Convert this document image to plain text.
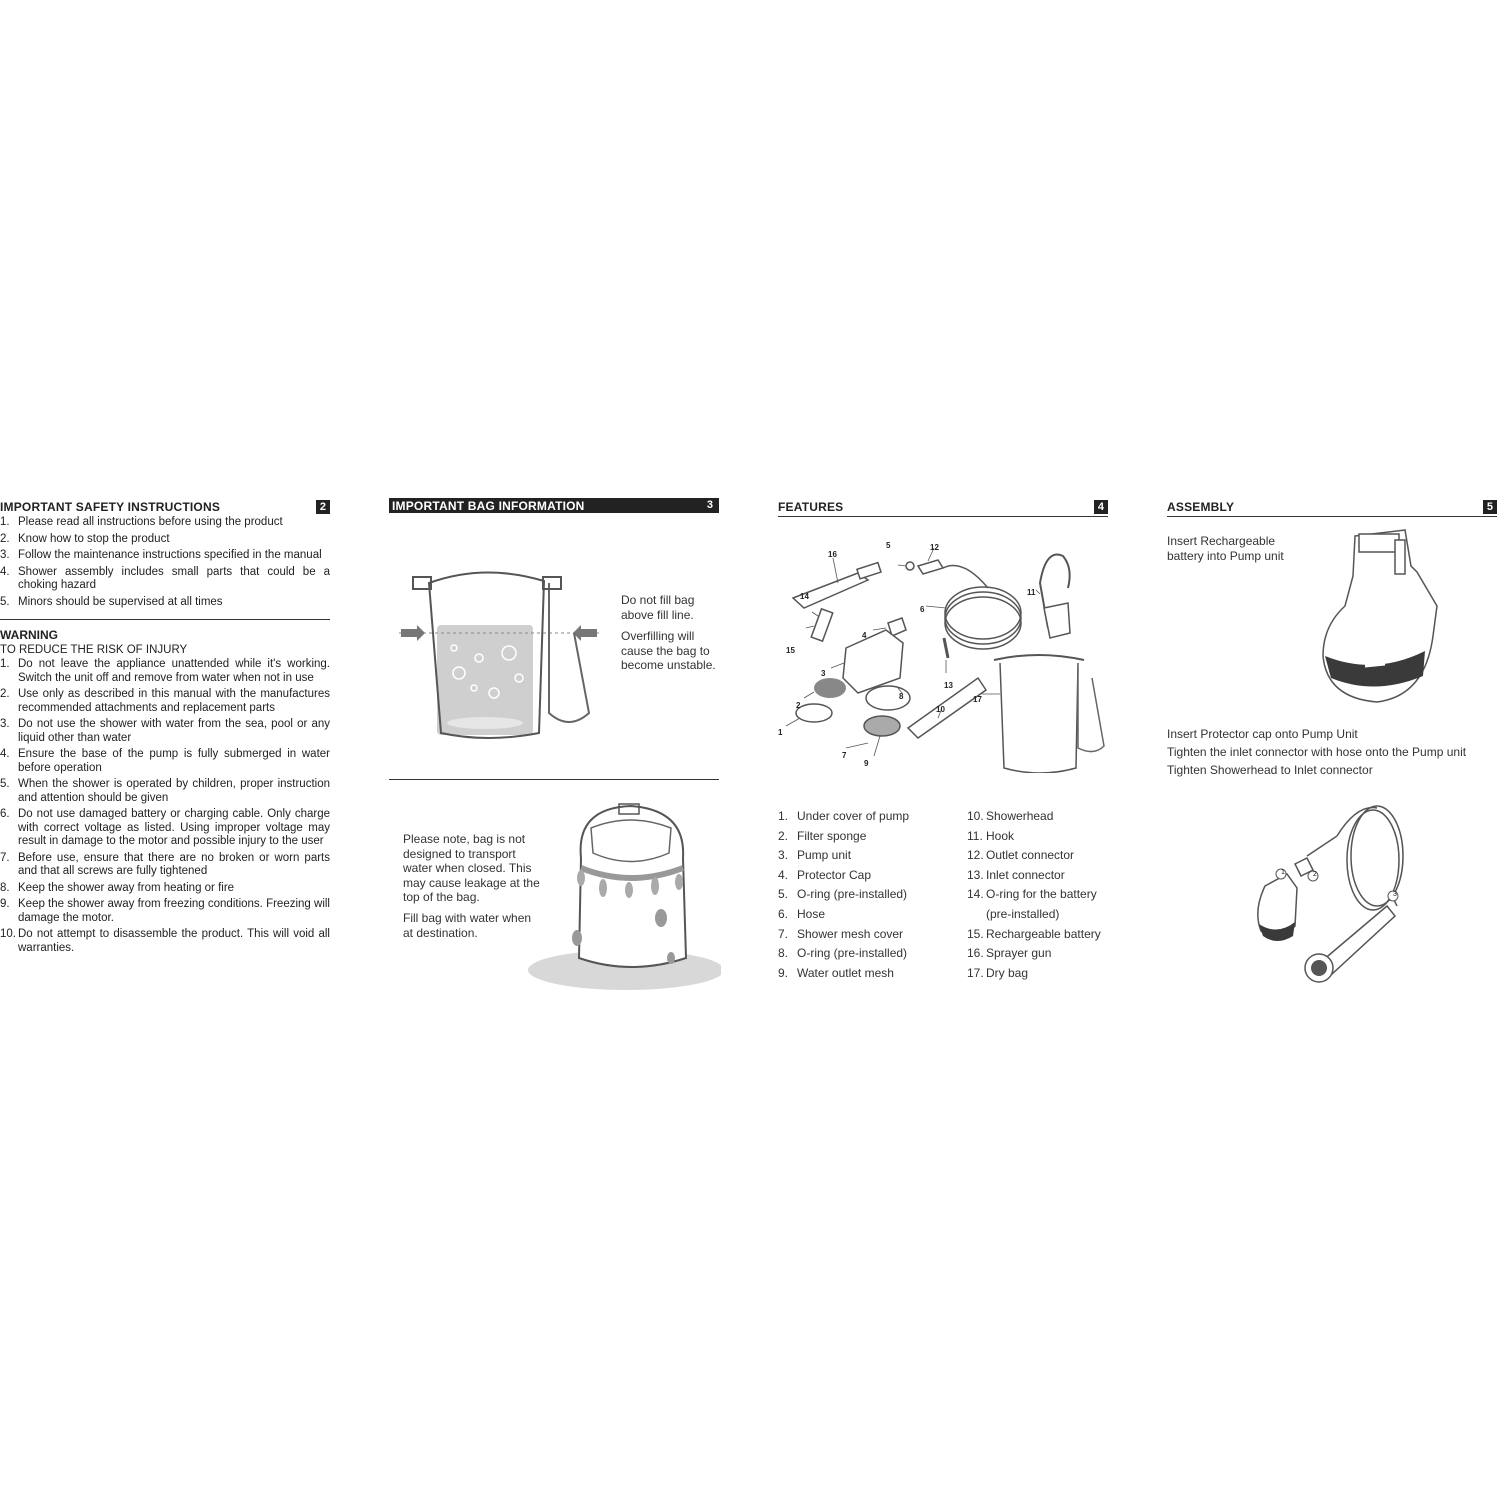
IMPORTANT SAFETY INSTRUCTIONS	2
1. Please read all instructions before using the product
2. Know how to stop the product
3. Follow the maintenance instructions specified in the manual
4. Shower assembly includes small parts that could be a choking hazard
5. Minors should be supervised at all times
WARNING
TO REDUCE THE RISK OF INJURY
1. Do not leave the appliance unattended while it's working. Switch the unit off and remove from water when not in use
2. Use only as described in this manual with the manufactures recommended attachments and replacement parts
3. Do not use the shower with water from the sea, pool or any liquid other than water
4. Ensure the base of the pump is fully submerged in water before operation
5. When the shower is operated by children, proper instruction and attention should be given
6. Do not use damaged battery or charging cable. Only charge with correct voltage as listed. Using improper voltage may result in damage to the motor and possible injury to the user
7. Before use, ensure that there are no broken or worn parts and that all screws are fully tightened
8. Keep the shower away from heating or fire
9. Keep the shower away from freezing conditions. Freezing will damage the motor.
10. Do not attempt to disassemble the product. This will void all warranties.
IMPORTANT BAG INFORMATION	3
Do not fill bag above fill line.
Overfilling will cause the bag to become unstable.
Please note, bag is not designed to transport water when closed. This may cause leakage at the top of the bag.
Fill bag with water when at destination.
FEATURES	4
1
2
3
4
5
6
7
8
9
10
11
12
13
14
15
16
17
1. Under cover of pump
2. Filter sponge
3. Pump unit
4. Protector Cap
5. O-ring (pre-installed)
6. Hose
7. Shower mesh cover
8. O-ring (pre-installed)
9. Water outlet mesh
10. Showerhead
11. Hook
12. Outlet connector
13. Inlet connector
14. O-ring for the battery (pre-installed)
15. Rechargeable battery
16. Sprayer gun
17. Dry bag
ASSEMBLY	5
Insert Rechargeable battery into Pump unit
Insert Protector cap onto Pump Unit
Tighten the inlet connector with hose onto the Pump unit
Tighten Showerhead to Inlet connector
1	2
3
